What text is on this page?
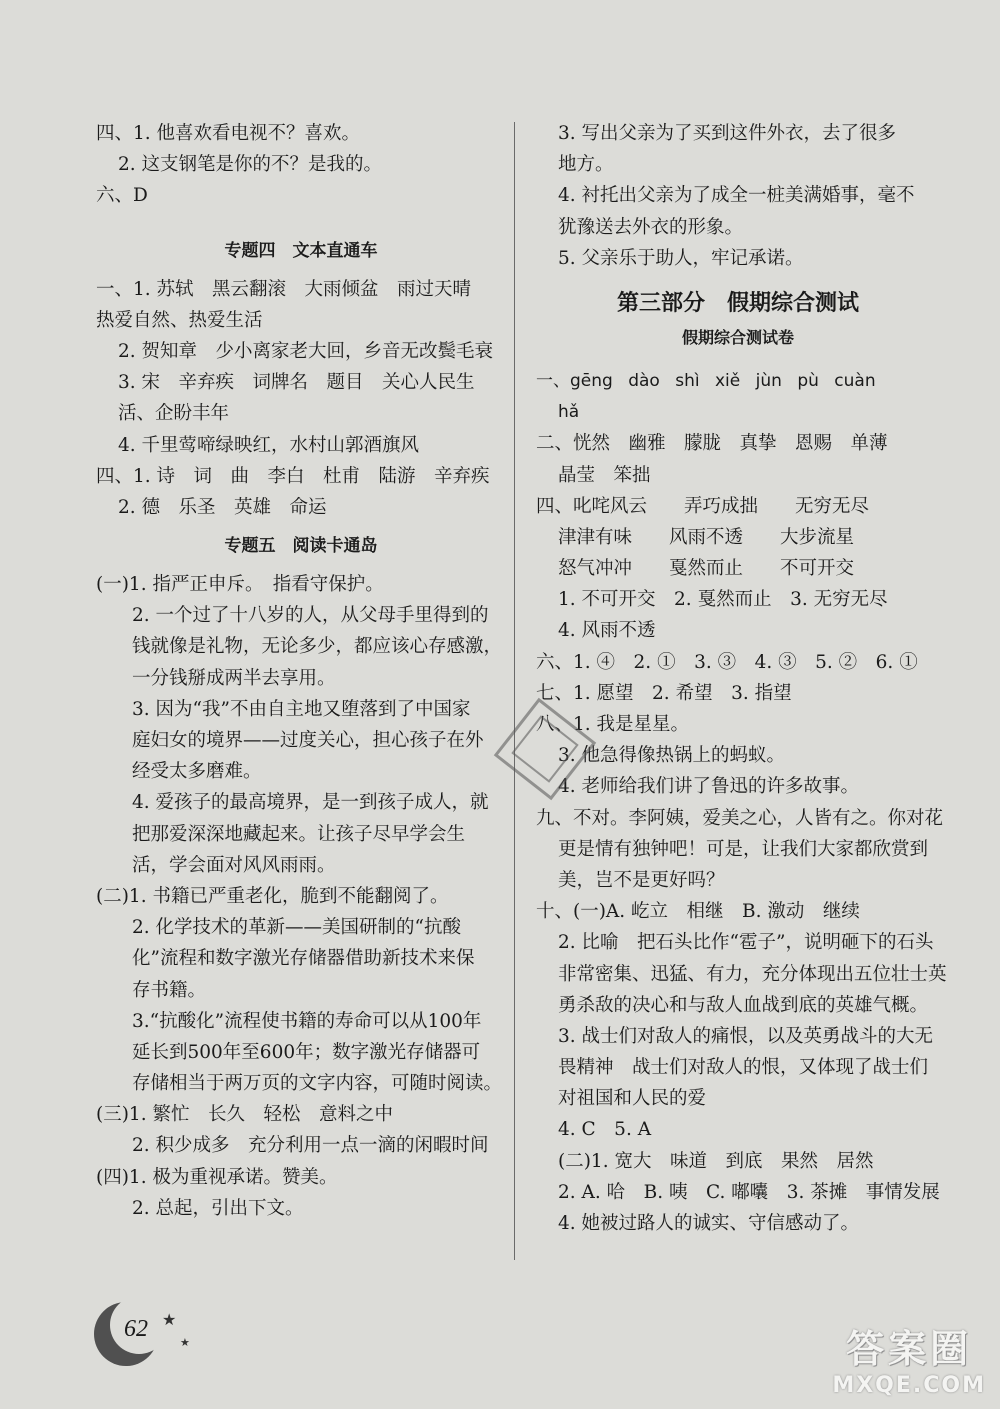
四、1. 他喜欢看电视不？喜欢。
2. 这支钢笔是你的不？是我的。
六、D
专题四　文本直通车
一、1. 苏轼　黑云翻滚　大雨倾盆　雨过天晴
热爱自然、热爱生活
2. 贺知章　少小离家老大回，乡音无改鬓毛衰
3. 宋　辛弃疾　词牌名　题目　关心人民生
活、企盼丰年
4. 千里莺啼绿映红，水村山郭酒旗风
四、1. 诗　词　曲　李白　杜甫　陆游　辛弃疾
2. 德　乐圣　英雄　命运
专题五　阅读卡通岛
(一)1. 指严正申斥。　指看守保护。
2. 一个过了十八岁的人，从父母手里得到的
钱就像是礼物，无论多少，都应该心存感激，
一分钱掰成两半去享用。
3. 因为“我”不由自主地又堕落到了中国家
庭妇女的境界——过度关心，担心孩子在外
经受太多磨难。
4. 爱孩子的最高境界，是一到孩子成人，就
把那爱深深地藏起来。让孩子尽早学会生
活，学会面对风风雨雨。
(二)1. 书籍已严重老化，脆到不能翻阅了。
2. 化学技术的革新——美国研制的“抗酸
化”流程和数字激光存储器借助新技术来保
存书籍。
3.“抗酸化”流程使书籍的寿命可以从100年
延长到500年至600年；数字激光存储器可
存储相当于两万页的文字内容，可随时阅读。
(三)1. 繁忙　长久　轻松　意料之中
2. 积少成多　充分利用一点一滴的闲暇时间
(四)1. 极为重视承诺。赞美。
2. 总起，引出下文。
3. 写出父亲为了买到这件外衣，去了很多
地方。
4. 衬托出父亲为了成全一桩美满婚事，毫不
犹豫送去外衣的形象。
5. 父亲乐于助人，牢记承诺。
第三部分　假期综合测试
假期综合测试卷
一、gēng dào shì xiě jùn pù cuàn
hǎ
二、恍然　幽雅　朦胧　真挚　恩赐　单薄
晶莹　笨拙
四、叱咤风云　　弄巧成拙　　无穷无尽
津津有味　　风雨不透　　大步流星
怒气冲冲　　戛然而止　　不可开交
1. 不可开交　2. 戛然而止　3. 无穷无尽
4. 风雨不透
六、1. ④　2. ①　3. ③　4. ③　5. ②　6. ①
七、1. 愿望　2. 希望　3. 指望
八、1. 我是星星。
3. 他急得像热锅上的蚂蚁。
4. 老师给我们讲了鲁迅的许多故事。
九、不对。李阿姨，爱美之心，人皆有之。你对花
更是情有独钟吧！可是，让我们大家都欣赏到
美，岂不是更好吗？
十、(一)A. 屹立　相继　B. 激动　继续
2. 比喻　把石头比作“雹子”，说明砸下的石头
非常密集、迅猛、有力，充分体现出五位壮士英
勇杀敌的决心和与敌人血战到底的英雄气概。
3. 战士们对敌人的痛恨，以及英勇战斗的大无
畏精神　战士们对敌人的恨，又体现了战士们
对祖国和人民的爱
4. C　5. A
(二)1. 宽大　味道　到底　果然　居然
2. A. 哈　B. 咦　C. 嘟囔　3. 茶摊　事情发展
4. 她被过路人的诚实、守信感动了。
62 ★
★	答案圈
MXQE.COM
